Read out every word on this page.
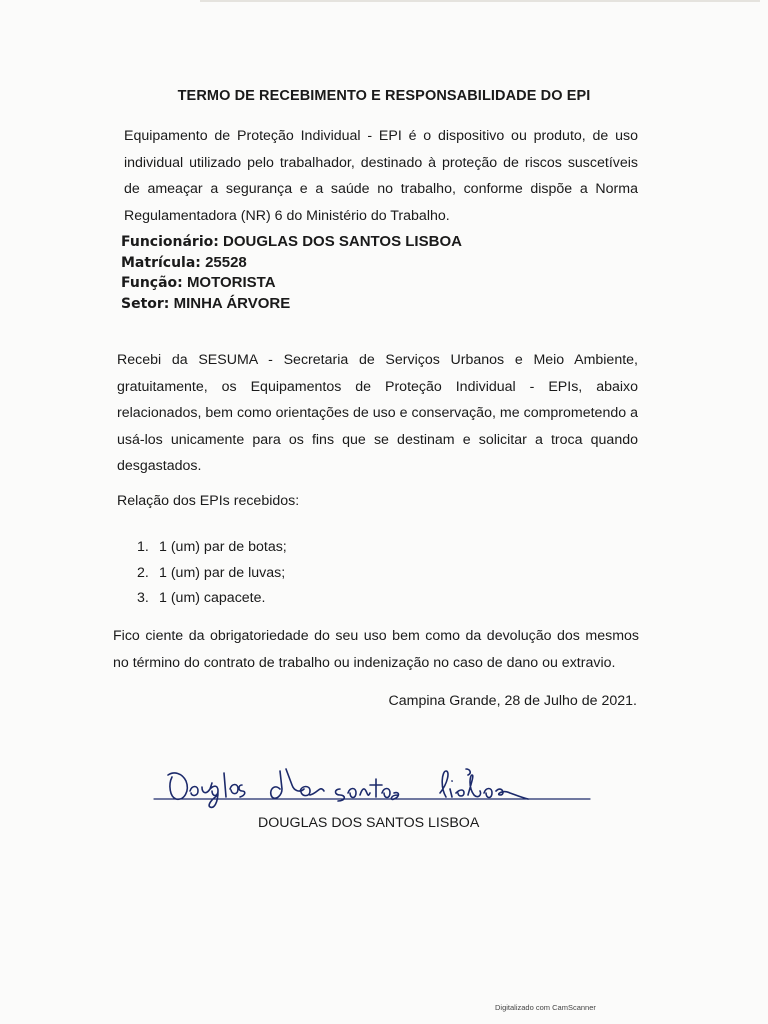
TERMO DE RECEBIMENTO E RESPONSABILIDADE DO EPI
Equipamento de Proteção Individual - EPI é o dispositivo ou produto, de uso individual utilizado pelo trabalhador, destinado à proteção de riscos suscetíveis de ameaçar a segurança e a saúde no trabalho, conforme dispõe a Norma Regulamentadora (NR) 6 do Ministério do Trabalho.
Funcionário: DOUGLAS DOS SANTOS LISBOA
Matrícula: 25528
Função: MOTORISTA
Setor: MINHA ÁRVORE
Recebi da SESUMA - Secretaria de Serviços Urbanos e Meio Ambiente, gratuitamente, os Equipamentos de Proteção Individual - EPIs, abaixo relacionados, bem como orientações de uso e conservação, me comprometendo a usá-los unicamente para os fins que se destinam e solicitar a troca quando desgastados.
Relação dos EPIs recebidos:
1. 1 (um) par de botas;
2. 1 (um) par de luvas;
3. 1 (um) capacete.
Fico ciente da obrigatoriedade do seu uso bem como da devolução dos mesmos no término do contrato de trabalho ou indenização no caso de dano ou extravio.
Campina Grande, 28 de Julho de 2021.
DOUGLAS DOS SANTOS LISBOA
Digitalizado com CamScanner
